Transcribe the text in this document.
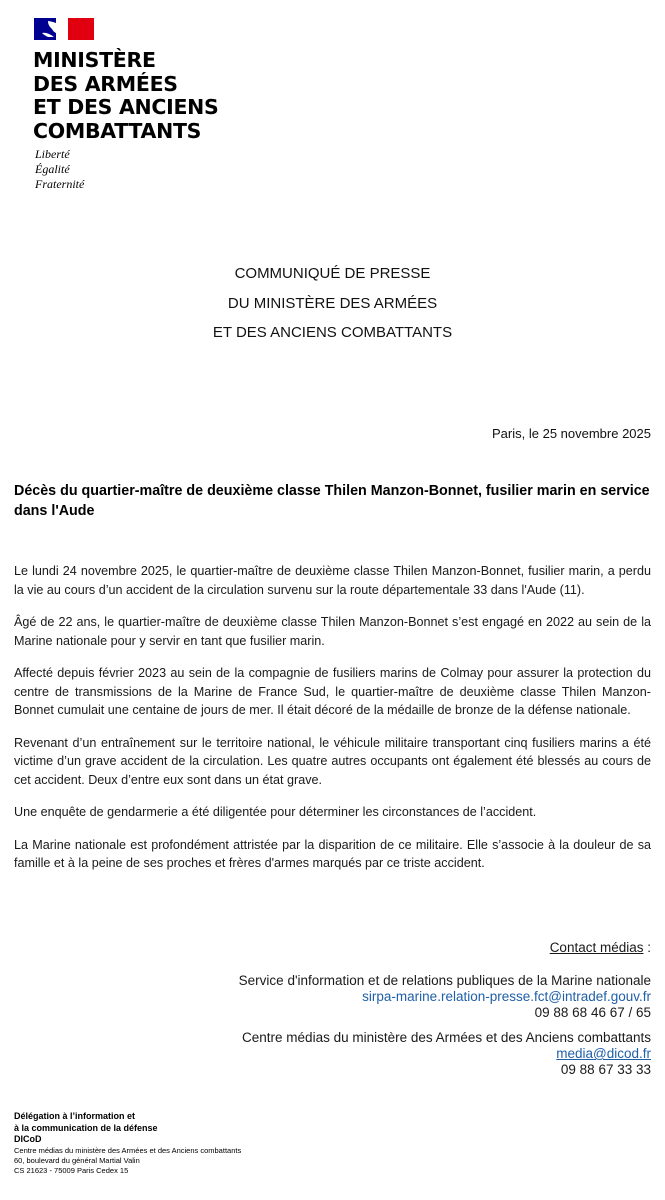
MINISTÈRE
DES ARMÉES
ET DES ANCIENS
COMBATTANTS
Liberté
Égalité
Fraternité
COMMUNIQUÉ DE PRESSE
DU MINISTÈRE DES ARMÉES
ET DES ANCIENS COMBATTANTS
Paris, le 25 novembre 2025
Décès du quartier-maître de deuxième classe Thilen Manzon-Bonnet, fusilier marin en service dans l'Aude

Le lundi 24 novembre 2025, le quartier-maître de deuxième classe Thilen Manzon-Bonnet, fusilier marin, a perdu la vie au cours d’un accident de la circulation survenu sur la route départementale 33 dans l'Aude (11).

Âgé de 22 ans, le quartier-maître de deuxième classe Thilen Manzon-Bonnet s’est engagé en 2022 au sein de la Marine nationale pour y servir en tant que fusilier marin.

Affecté depuis février 2023 au sein de la compagnie de fusiliers marins de Colmay pour assurer la protection du centre de transmissions de la Marine de France Sud, le quartier-maître de deuxième classe Thilen Manzon-Bonnet cumulait une centaine de jours de mer. Il était décoré de la médaille de bronze de la défense nationale.

Revenant d’un entraînement sur le territoire national, le véhicule militaire transportant cinq fusiliers marins a été victime d’un grave accident de la circulation. Les quatre autres occupants ont également été blessés au cours de cet accident. Deux d’entre eux sont dans un état grave.

Une enquête de gendarmerie a été diligentée pour déterminer les circonstances de l’accident.

La Marine nationale est profondément attristée par la disparition de ce militaire. Elle s’associe à la douleur de sa famille et à la peine de ses proches et frères d'armes marqués par ce triste accident.

Contact médias :
Service d'information et de relations publiques de la Marine nationale
sirpa-marine.relation-presse.fct@intradef.gouv.fr
09 88 68 46 67 / 65
Centre médias du ministère des Armées et des Anciens combattants
media@dicod.fr
09 88 67 33 33
Délégation à l’information et
à la communication de la défense
DICoD
Centre médias du ministère des Armées et des Anciens combattants
60, boulevard du général Martial Valin
CS 21623 - 75009 Paris Cedex 15
